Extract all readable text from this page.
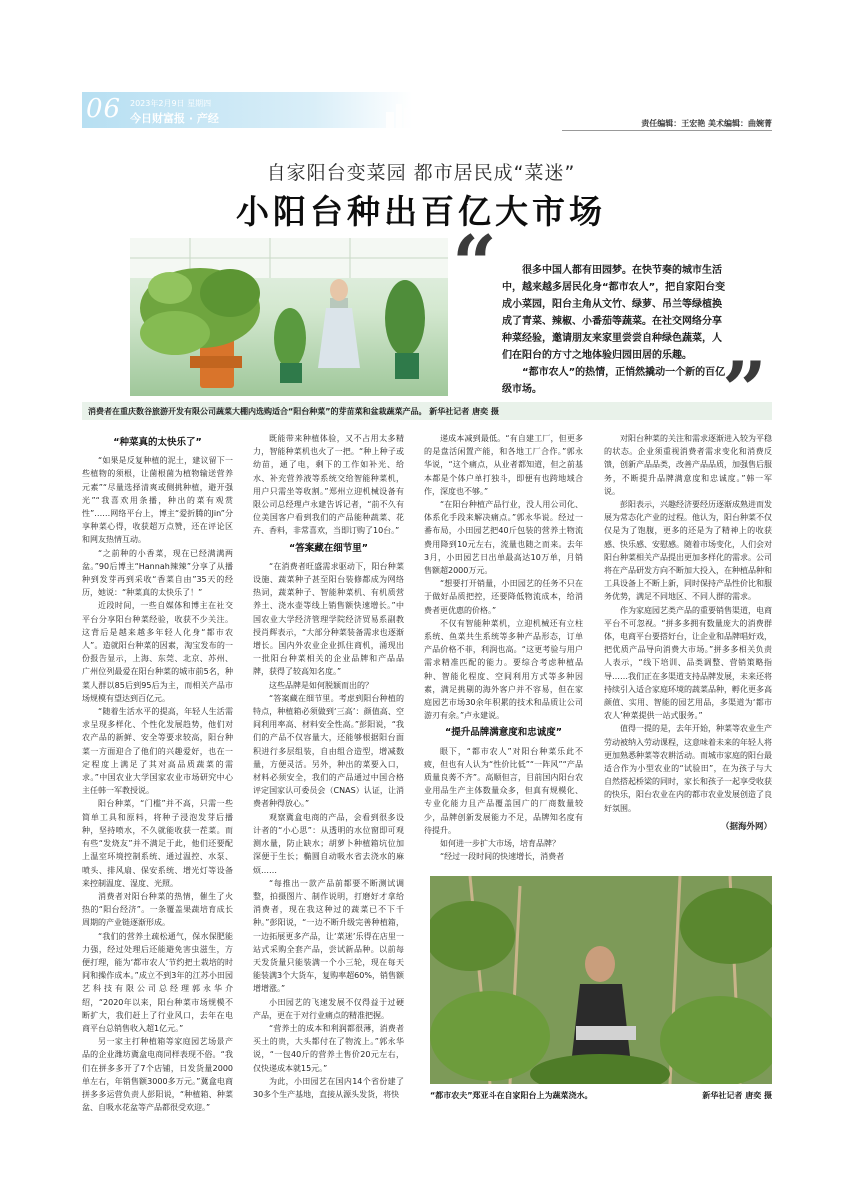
06 2023年2月9日 星期四
今日财富报 · 产经	责任编辑：王宏艳 美术编辑：曲婉菁
自家阳台变菜园 都市居民成“菜迷”
小阳台种出百亿大市场
消费者在重庆数谷旅游开发有限公司蔬菜大棚内选购适合“阳台种菜”的芽苗菜和盆栽蔬菜产品。 新华社记者 唐奕 摄
“	很多中国人都有田园梦。在快节奏的城市生活中，越来越多居民化身“都市农人”，把自家阳台变成小菜园，阳台主角从文竹、绿萝、吊兰等绿植换成了青菜、辣椒、小番茄等蔬菜。在社交网络分享种菜经验，邀请朋友来家里尝尝自种绿色蔬菜，人们在阳台的方寸之地体验归园田居的乐趣。

“都市农人”的热情，正悄然撬动一个新的百亿级市场。	”
“种菜真的太快乐了”

“如果是反复种植的泥土，建议留下一些植物的须根，让菌根菌为植物输送营养元素”“尽量选择清爽或侧挑种植，避开强光”“我喜欢用条播，种出的菜有观赏性”……网络平台上，博主“爱折腾的Jin”分享种菜心得，收获超万点赞，还在评论区和网友热情互动。

“之前种的小香菜，现在已经满满两盆。”90后博主“Hannah辣辣”分享了从播种到发芽再到采收“香菜自由”35天的经历，她说：“种菜真的太快乐了！”

近段时间，一些自媒体和博主在社交平台分享阳台种菜经验，收获不少关注。这背后是越来越多年轻人化身“都市农人”。造就阳台种菜的因素，淘宝发布的一份报告显示，上海、东莞、北京、苏州、广州位列最爱在阳台种菜的城市前5名，种菜人群以85后到95后为主，而相关产品市场规模有望达到百亿元。

“随着生活水平的提高，年轻人生活需求呈现多样化、个性化发展趋势，他们对农产品的新鲜、安全等要求较高，阳台种菜一方面迎合了他们的兴趣爱好，也在一定程度上满足了其对高品质蔬菜的需求。”中国农业大学国家农业市场研究中心主任韩一军教授说。

阳台种菜，“门槛”并不高，只需一些简单工具和原料，将种子浸泡发芽后播种，坚持喷水，不久就能收获一茬菜。而有些“发烧友”并不满足于此，他们还要配上温室环境控制系统、通过温控、水泵、喷头、排风扇、保安系统、增光灯等设备来控制温度、湿度、光照。

消费者对阳台种菜的热情，催生了火热的“阳台经济”。一条覆盖果蔬培育成长周期的产业链逐渐形成。

“我们的营养土疏松通气，保水保肥能力强，经过处理后还能避免害虫滋生，方便打理，能为‘都市农人’节约把土栽培的时间和操作成本。”成立不到3年的江苏小田园艺科技有限公司总经理郭永华介绍，“2020年以来，阳台种菜市场规模不断扩大，我们赶上了行业风口，去年在电商平台总销售收入超1亿元。”

另一家主打种植箱等家庭园艺场景产品的企业潍坊冀盒电商同样表现不俗。“我们在拼多多开了7个店铺，日发货量2000单左右，年销售额3000多万元。”冀盒电商拼多多运营负责人彭阳说，“种植箱、种菜盆、自吸水花盆等产品都很受欢迎。”

既能带来种植体验，又不占用太多精力，智能种菜机也火了一把。“种上种子或幼苗，通了电，剩下的工作如补光、给水、补充营养液等系统交给智能种菜机，用户只需坐等收割。”郑州立迎机械设备有限公司总经理卢永建告诉记者，“前不久有位美国客户看到我们的产品能种蔬菜、花卉、香料，非常喜欢，当即订购了10台。”

“答案藏在细节里”

“在消费者旺盛需求驱动下，阳台种菜设施、蔬菜种子甚至阳台装修都成为网络热词，蔬菜种子、智能种菜机、有机质营养土、浇水壶等线上销售额快速增长。”中国农业大学经济管理学院经济贸易系副教授肖辉表示，“大部分种菜装备需求也逐渐增长。国内外农业企业抓住商机，涌现出一批阳台种菜相关的企业品牌和产品品牌，获得了较高知名度。”

这些品牌是如何脱颖而出的？

“答案藏在细节里。考虑到阳台种植的特点，种植箱必须做到‘三高’：颜值高、空间利用率高、材料安全性高。”彭阳说，“我们的产品不仅容量大，还能够根据阳台面积进行多层组装，自由组合造型，增减数量，方便灵活。另外，种出的菜要入口，材料必须安全，我们的产品通过中国合格评定国家认可委员会（CNAS）认证，让消费者种得放心。”

观察冀盒电商的产品，会看到很多设计者的“小心思”：从透明的水位窗即可观测水量，防止缺水；胡萝卜种植箱坑位加深便于生长；椭圆自动吸水省去浇水的麻烦……

“每推出一款产品前都要不断测试调整，拍摄图片、制作说明，打磨好才拿给消费者，现在我这种过的蔬菜已不下千种。”彭阳说，“一边不断升级完善种植箱，一边拓展更多产品，让‘菜迷’乐得在店里一站式采购全套产品，尝试新品种。以前每天发货量只能装满一个小三轮，现在每天能装满3个大货车，复购率超60%，销售额增增涨。”

小田园艺的飞速发展不仅得益于过硬产品，更在于对行业痛点的精准把握。

“营养土的成本和利润都很薄，消费者买土的贵，大头都付在了物流上。”郭永华说，“一包40斤的营养土售价20元左右，仅快递成本就15元。”

为此，小田园艺在国内14个省份建了30多个生产基地，直接从源头发货，将快

递成本减到最低。“有自建工厂，但更多的是盘活闲置产能，和各地工厂合作。”郭永华说，“这个痛点，从业者都知道，但之前基本都是个体户单打独斗，即便有也跨地域合作，深度也不够。”

“在阳台种植产品行业，没人用公司化、体系化手段来解决痛点。”郭永华说。经过一番布局，小田园艺把40斤包装的营养土物流费用降到10元左右，流量也随之而来。去年3月，小田园艺日出单最高达10万单，月销售额超2000万元。

“想要打开销量，小田园艺的任务不只在于做好品质把控，还要降低物流成本，给消费者更优惠的价格。”

不仅有智能种菜机，立迎机械还有立柱系统、鱼菜共生系统等多种产品形态，订单产品价格不菲，利润也高。“这更考验与用户需求精准匹配的能力。要综合考虑种植品种、智能化程度、空间利用方式等多种因素，满足挑剔的海外客户并不容易，但在家庭园艺市场30余年积累的技术和品质让公司游刃有余。”卢永建说。

“提升品牌满意度和忠诚度”

眼下，“都市农人”对阳台种菜乐此不疲，但也有人认为“性价比低”“一阵风”“产品质量良莠不齐”。高顺但言，目前国内阳台农业用品生产主体数量众多，但真有规模化、专业化能力且产品覆盖国广的厂商数量较少，品牌创新发展能力不足，品牌知名度有待提升。

如何进一步扩大市场，培育品牌？

“经过一段时间的快速增长，消费者

对阳台种菜的关注和需求逐渐进入较为平稳的状态。企业须重视消费者需求变化和消费反馈，创新产品品类，改善产品品质，加强售后服务，不断提升品牌满意度和忠诚度。”韩一军说。

彭阳表示，兴趣经济要经历逐渐成熟进而发展为常态化产业的过程。他认为，阳台种菜不仅仅是为了饱腹，更多的还是为了精神上的收获感、快乐感、安慰感。随着市场变化，人们会对阳台种菜相关产品提出更加多样化的需求。公司将在产品研发方向不断加大投入，在种植品种和工具设备上不断上新，同时保持产品性价比和服务优势，满足不同地区、不同人群的需求。

作为家庭园艺类产品的重要销售渠道，电商平台不可忽视。“拼多多拥有数量庞大的消费群体，电商平台要搭好台，让企业和品牌唱好戏，把优质产品导向消费大市场。”拼多多相关负责人表示，“线下培训、品类调整、营销策略指导……我们正在多渠道支持品牌发展，未来还将持续引入适合家庭环境的蔬菜品种，孵化更多高颜值、实用、智能的园艺用品，多渠道为‘都市农人’种菜提供一站式服务。”

值得一提的是，去年开始，种菜等农业生产劳动被纳入劳动课程，这意味着未来的年轻人将更加熟悉种菜等农耕活动。而城市家庭的阳台最适合作为小型农业的“试验田”，在为孩子与大自然搭起桥梁的同时，家长和孩子一起享受收获的快乐，阳台农业在内的都市农业发展创造了良好氛围。

（据海外网）
“都市农夫”郑亚斗在自家阳台上为蔬菜浇水。	新华社记者 唐奕 摄
